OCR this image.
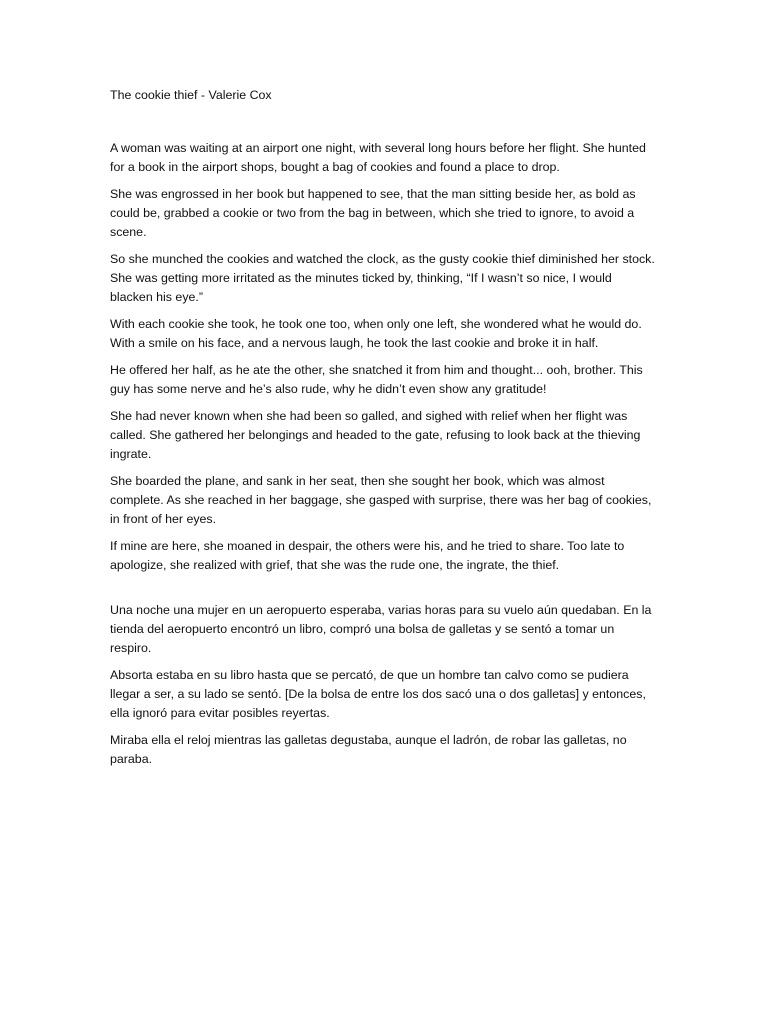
The cookie thief - Valerie Cox

A woman was waiting at an airport one night, with several long hours before her flight. She hunted for a book in the airport shops, bought a bag of cookies and found a place to drop.

She was engrossed in her book but happened to see, that the man sitting beside her, as bold as could be, grabbed a cookie or two from the bag in between, which she tried to ignore, to avoid a scene.

So she munched the cookies and watched the clock, as the gusty cookie thief diminished her stock. She was getting more irritated as the minutes ticked by, thinking, “If I wasn’t so nice, I would blacken his eye.”

With each cookie she took, he took one too, when only one left, she wondered what he would do. With a smile on his face, and a nervous laugh, he took the last cookie and broke it in half.

He offered her half, as he ate the other, she snatched it from him and thought... ooh, brother. This guy has some nerve and he’s also rude, why he didn’t even show any gratitude!

She had never known when she had been so galled, and sighed with relief when her flight was called. She gathered her belongings and headed to the gate, refusing to look back at the thieving ingrate.

She boarded the plane, and sank in her seat, then she sought her book, which was almost complete. As she reached in her baggage, she gasped with surprise, there was her bag of cookies, in front of her eyes.

If mine are here, she moaned in despair, the others were his, and he tried to share. Too late to apologize, she realized with grief, that she was the rude one, the ingrate, the thief.

Una noche una mujer en un aeropuerto esperaba, varias horas para su vuelo aún quedaban. En la tienda del aeropuerto encontró un libro, compró una bolsa de galletas y se sentó a tomar un respiro.

Absorta estaba en su libro hasta que se percató, de que un hombre tan calvo como se pudiera llegar a ser, a su lado se sentó. [De la bolsa de entre los dos sacó una o dos galletas] y entonces, ella ignoró para evitar posibles reyertas.

Miraba ella el reloj mientras las galletas degustaba, aunque el ladrón, de robar las galletas, no paraba.
